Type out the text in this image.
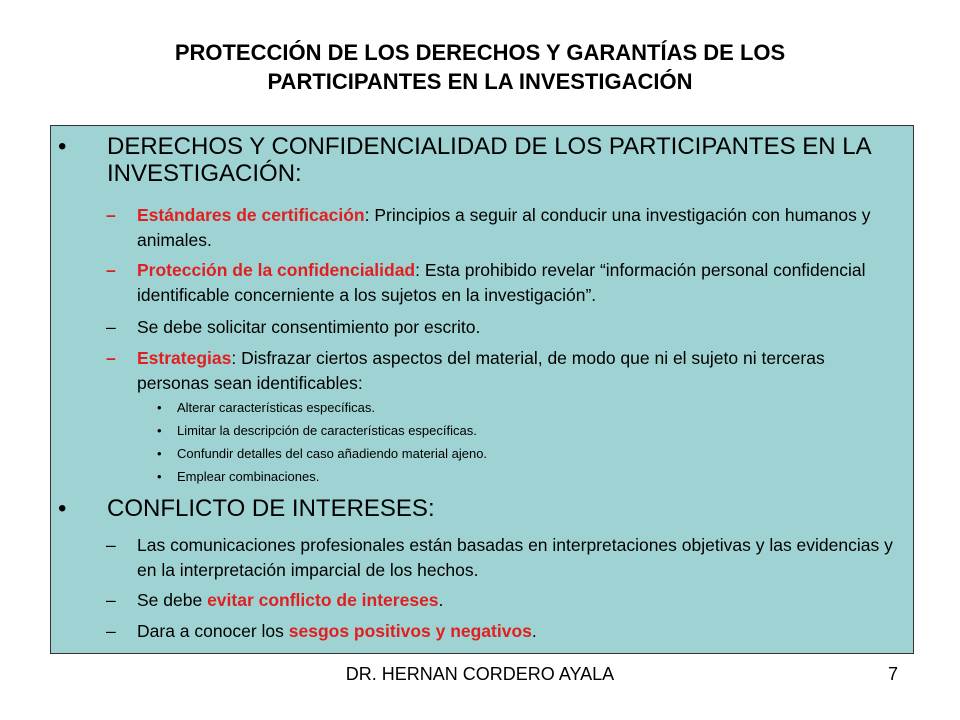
PROTECCIÓN DE LOS DERECHOS Y GARANTÍAS DE LOS
PARTICIPANTES EN LA INVESTIGACIÓN
• DERECHOS Y CONFIDENCIALIDAD DE LOS PARTICIPANTES EN LA INVESTIGACIÓN:
– Estándares de certificación: Principios a seguir al conducir una investigación con humanos y animales.
– Protección de la confidencialidad: Esta prohibido revelar “información personal confidencial identificable concerniente a los sujetos en la investigación”.
– Se debe solicitar consentimiento por escrito.
– Estrategias: Disfrazar ciertos aspectos del material, de modo que ni el sujeto ni terceras personas sean identificables:
• Alterar características específicas.
• Limitar la descripción de características específicas.
• Confundir detalles del caso añadiendo material ajeno.
• Emplear combinaciones.
• CONFLICTO DE INTERESES:
– Las comunicaciones profesionales están basadas en interpretaciones objetivas y las evidencias y en la interpretación imparcial de los hechos.
– Se debe evitar conflicto de intereses.
– Dara a conocer los sesgos positivos y negativos.
DR. HERNAN CORDERO AYALA	7
